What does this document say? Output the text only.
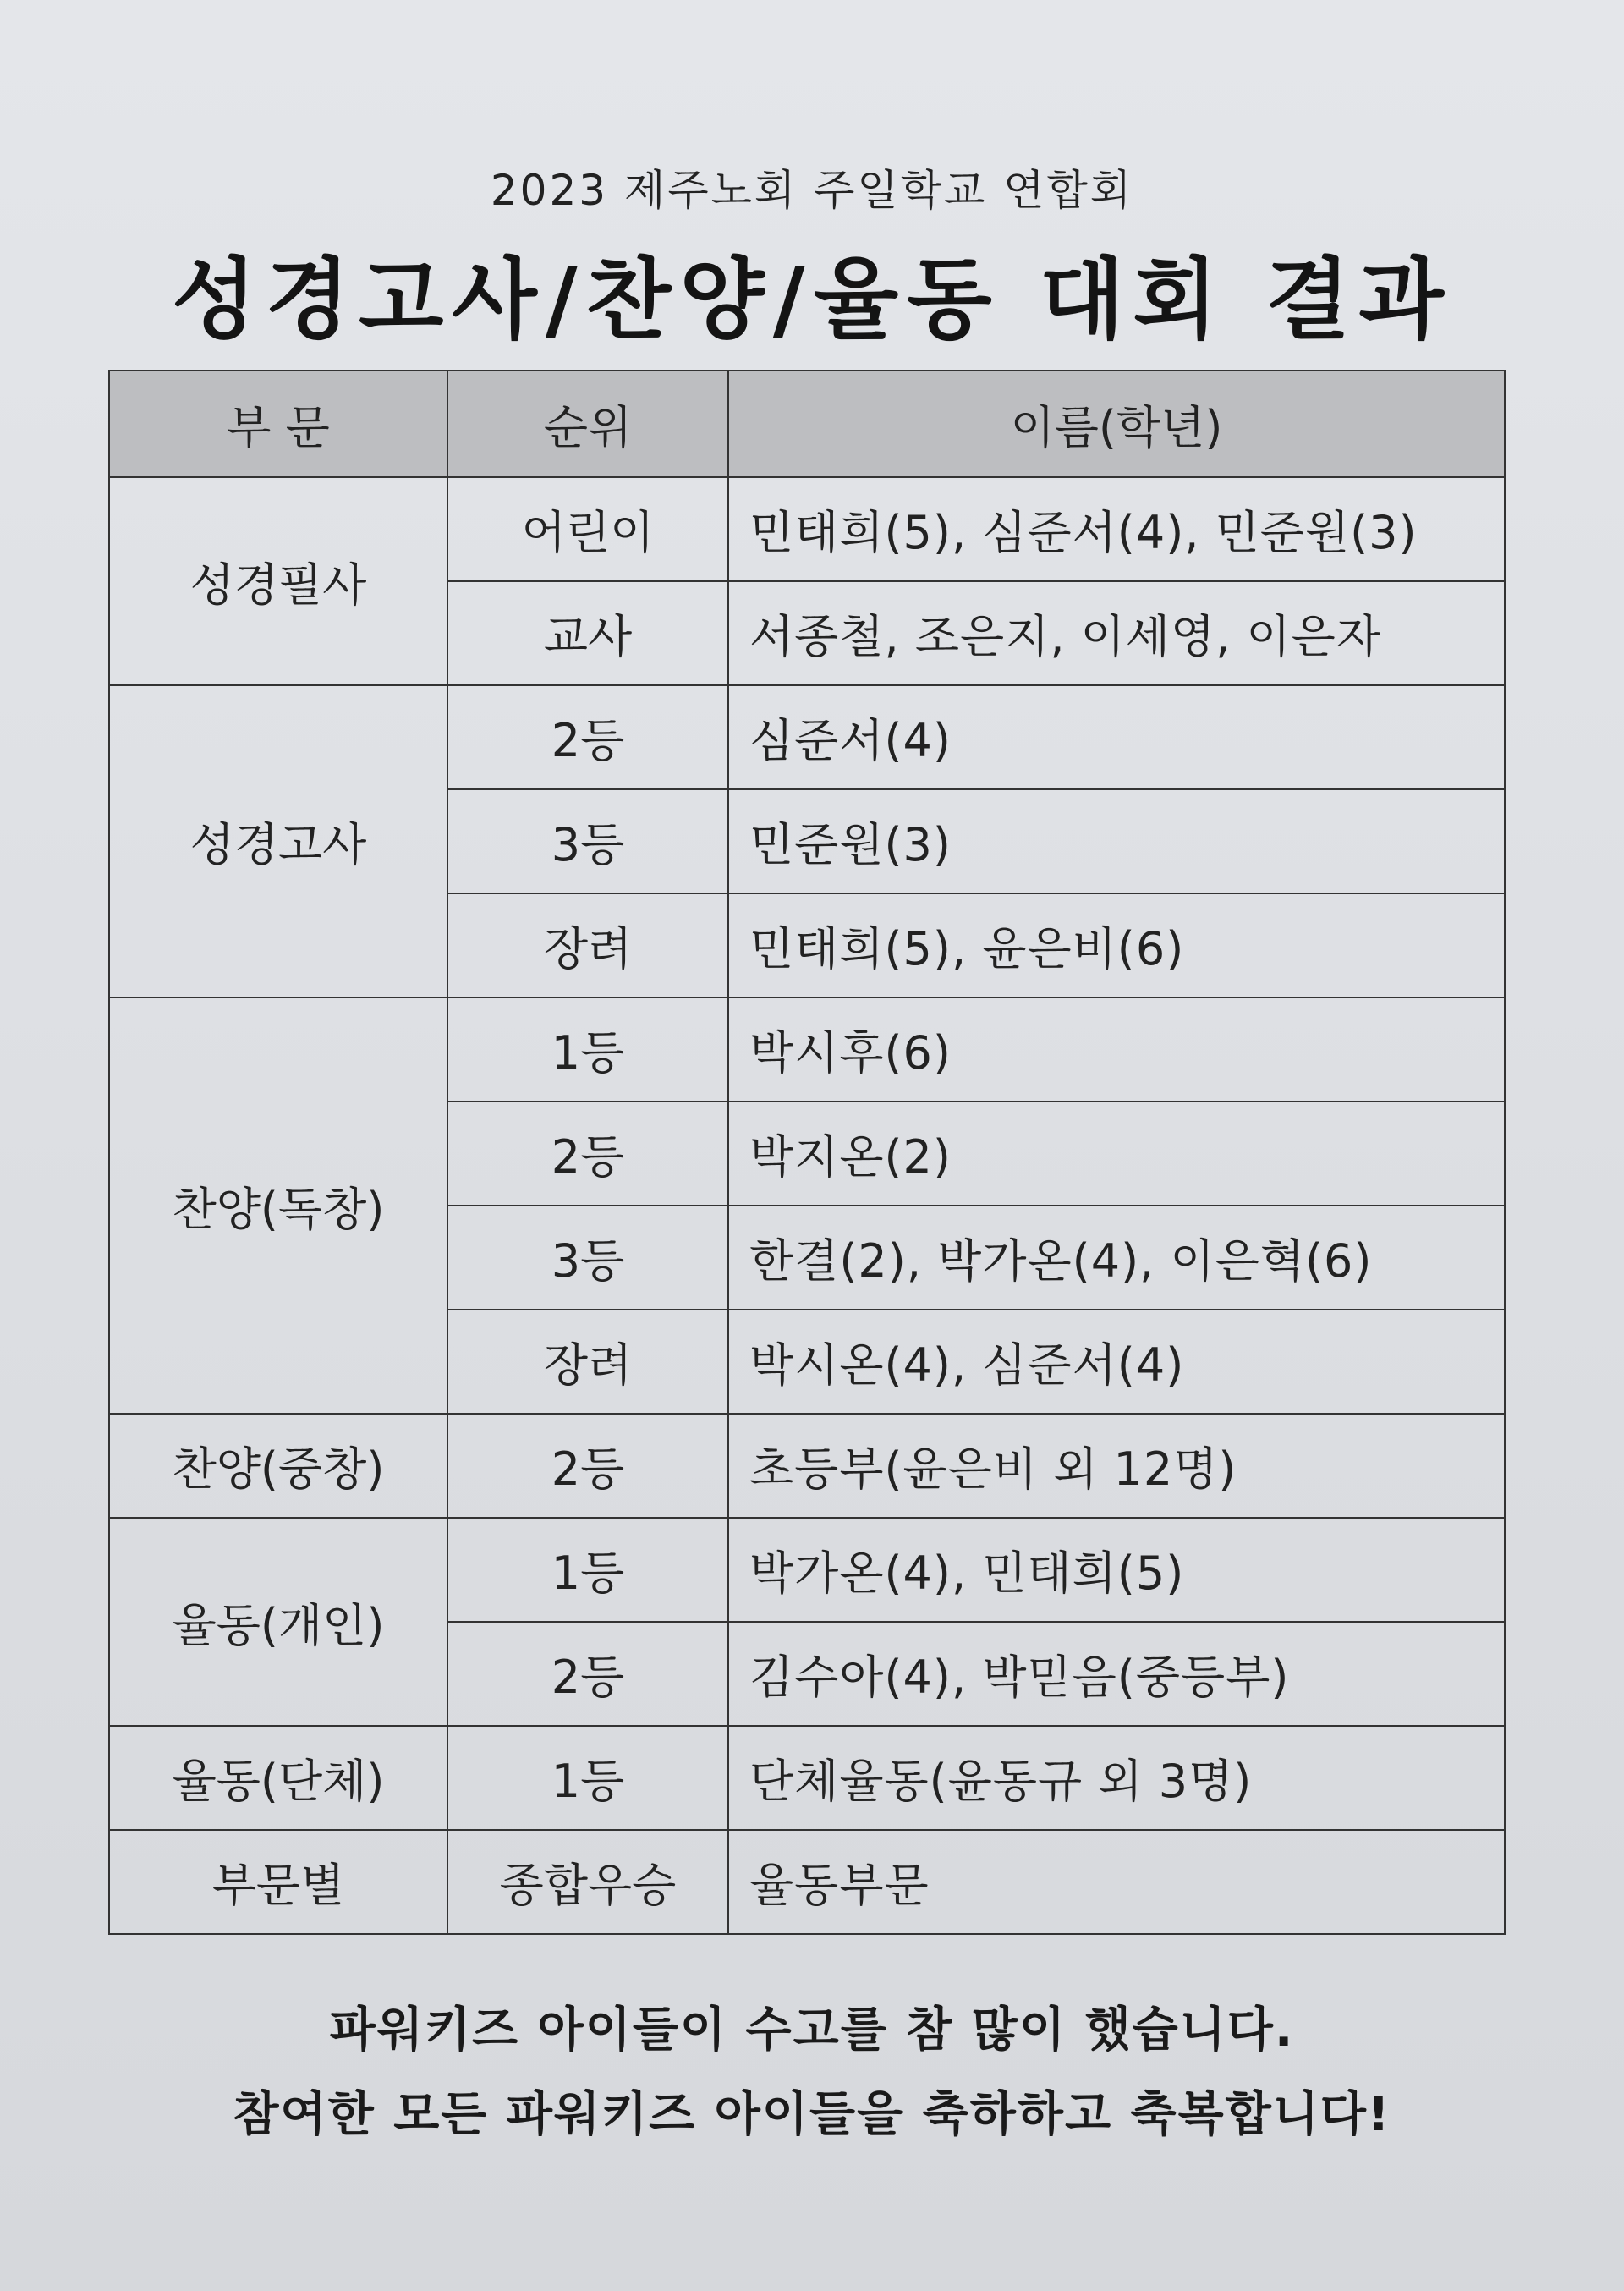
2023 제주노회 주일학교 연합회
성경고사/찬양/율동 대회 결과
부 문	순위	이름(학년)
성경필사	어린이	민태희(5), 심준서(4), 민준원(3)
	교사	서종철, 조은지, 이세영, 이은자
성경고사	2등	심준서(4)
	3등	민준원(3)
	장려	민태희(5), 윤은비(6)
찬양(독창)	1등	박시후(6)
	2등	박지온(2)
	3등	한결(2), 박가온(4), 이은혁(6)
	장려	박시온(4), 심준서(4)
찬양(중창)	2등	초등부(윤은비 외 12명)
율동(개인)	1등	박가온(4), 민태희(5)
	2등	김수아(4), 박믿음(중등부)
율동(단체)	1등	단체율동(윤동규 외 3명)
부문별	종합우승	율동부문
파워키즈 아이들이 수고를 참 많이 했습니다.
참여한 모든 파워키즈 아이들을 축하하고 축복합니다!
